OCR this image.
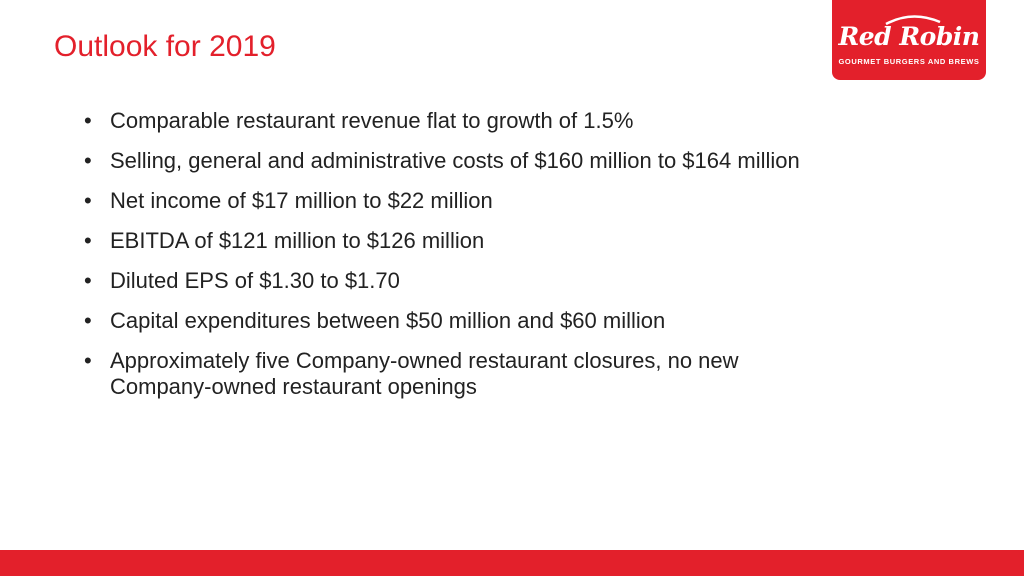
Outlook for 2019	Red Robin
GOURMET BURGERS AND BREWS
• Comparable restaurant revenue flat to growth of 1.5%
• Selling, general and administrative costs of $160 million to $164 million
• Net income of $17 million to $22 million
• EBITDA of $121 million to $126 million
• Diluted EPS of $1.30 to $1.70
• Capital expenditures between $50 million and $60 million
• Approximately five Company-owned restaurant closures, no new Company-owned restaurant openings
